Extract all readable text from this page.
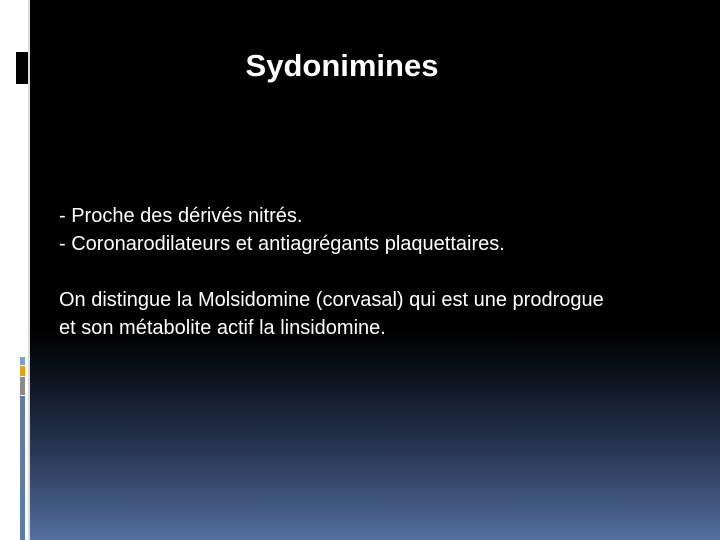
Sydonimines
- Proche des dérivés nitrés.
- Coronarodilateurs et antiagrégants plaquettaires.
On distingue la Molsidomine (corvasal) qui est une prodrogue
et son métabolite actif la linsidomine.
